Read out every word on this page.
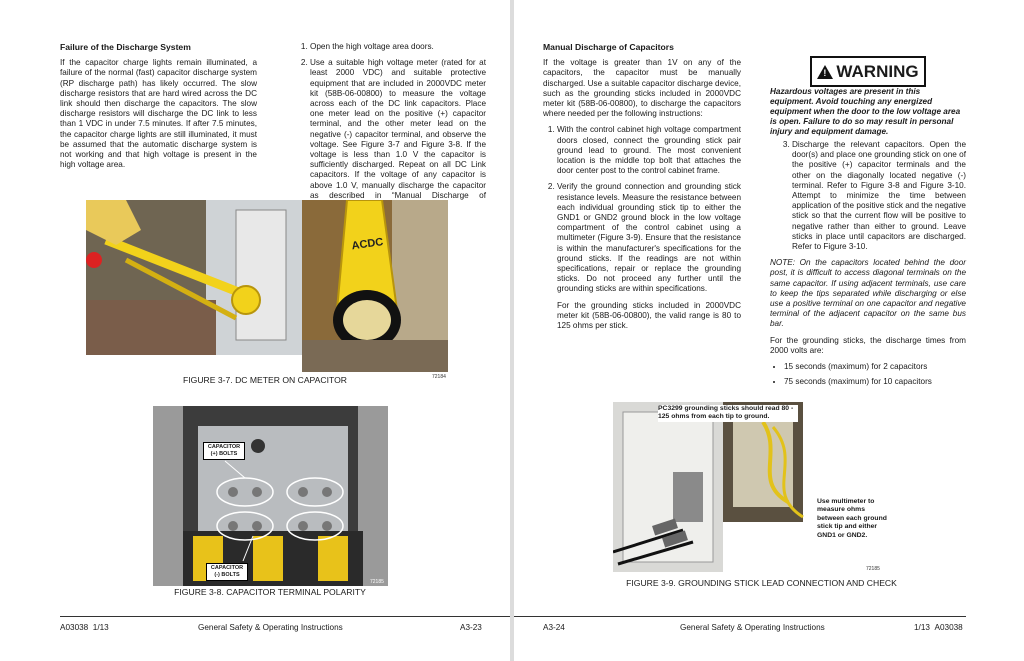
Failure of the Discharge System

If the capacitor charge lights remain illuminated, a failure of the normal (fast) capacitor discharge system (RP discharge path) has likely occurred. The slow discharge resistors that are hard wired across the DC link should then discharge the capacitors. The slow discharge resistors will discharge the DC link to less than 1 VDC in under 7.5 minutes. If after 7.5 minutes, the capacitor charge lights are still illuminated, it must be assumed that the automatic discharge system is not working and that high voltage is present in the high voltage area.

1. Open the high voltage area doors.
2. Use a suitable high voltage meter (rated for at least 2000 VDC) and suitable protective equipment that are included in 2000VDC meter kit (58B-06-00800) to measure the voltage across each of the DC link capacitors. Place one meter lead on the positive (+) capacitor terminal, and the other meter lead on the negative (-) capacitor terminal, and observe the voltage. See Figure 3-7 and Figure 3-8. If the voltage is less than 1.0 V the capacitor is sufficiently discharged. Repeat on all DC Link capacitors. If the voltage of any capacitor is above 1.0 V, manually discharge the capacitor as described in “Manual Discharge of
ACDC
72184
FIGURE 3-7. DC METER ON CAPACITOR
CAPACITOR (+) BOLTS
CAPACITOR (-) BOLTS
72185
FIGURE 3-8. CAPACITOR TERMINAL POLARITY
A03038 1/13	General Safety & Operating Instructions	A3-23
Manual Discharge of Capacitors

If the voltage is greater than 1V on any of the capacitors, the capacitor must be manually discharged. Use a suitable capacitor discharge device, such as the grounding sticks included in 2000VDC meter kit (58B-06-00800), to discharge the capacitors where needed per the following instructions:

1. With the control cabinet high voltage compartment doors closed, connect the grounding stick pair ground lead to ground. The most convenient location is the middle top bolt that attaches the door center post to the control cabinet frame.
2. Verify the ground connection and grounding stick resistance levels. Measure the resistance between each individual grounding stick tip to either the GND1 or GND2 ground block in the low voltage compartment of the control cabinet using a multimeter (Figure 3-9). Ensure that the resistance is within the manufacturer's specifications for the ground sticks. If the readings are not within specifications, repair or replace the grounding sticks. Do not proceed any further until the grounding sticks are within specifications.

For the grounding sticks included in 2000VDC meter kit (58B-06-00800), the valid range is 80 to 125 ohms per stick.

!
WARNING
Hazardous voltages are present in this equipment. Avoid touching any energized equipment when the door to the low voltage area is open. Failure to do so may result in personal injury and equipment damage.
3. Discharge the relevant capacitors. Open the door(s) and place one grounding stick on one of the positive (+) capacitor terminals and the other on the diagonally located negative (-) terminal. Refer to Figure 3-8 and Figure 3-10. Attempt to minimize the time between application of the positive stick and the negative stick so that the current flow will be positive to negative rather than either to ground. Leave sticks in place until capacitors are discharged. Refer to Figure 3-10.

NOTE: On the capacitors located behind the door post, it is difficult to access diagonal terminals on the same capacitor. If using adjacent terminals, use care to keep the tips separated while discharging or else use a positive terminal on one capacitor and negative terminal of the adjacent capacitor on the same bus bar.

For the grounding sticks, the discharge times from 2000 volts are:

• 15 seconds (maximum) for 2 capacitors
• 75 seconds (maximum) for 10 capacitors
PC3299 grounding sticks should read 80 - 125 ohms from each tip to ground.
Use multimeter to measure ohms between each ground stick tip and either GND1 or GND2.
72185
FIGURE 3-9. GROUNDING STICK LEAD CONNECTION AND CHECK
A3-24	General Safety & Operating Instructions	1/13 A03038
